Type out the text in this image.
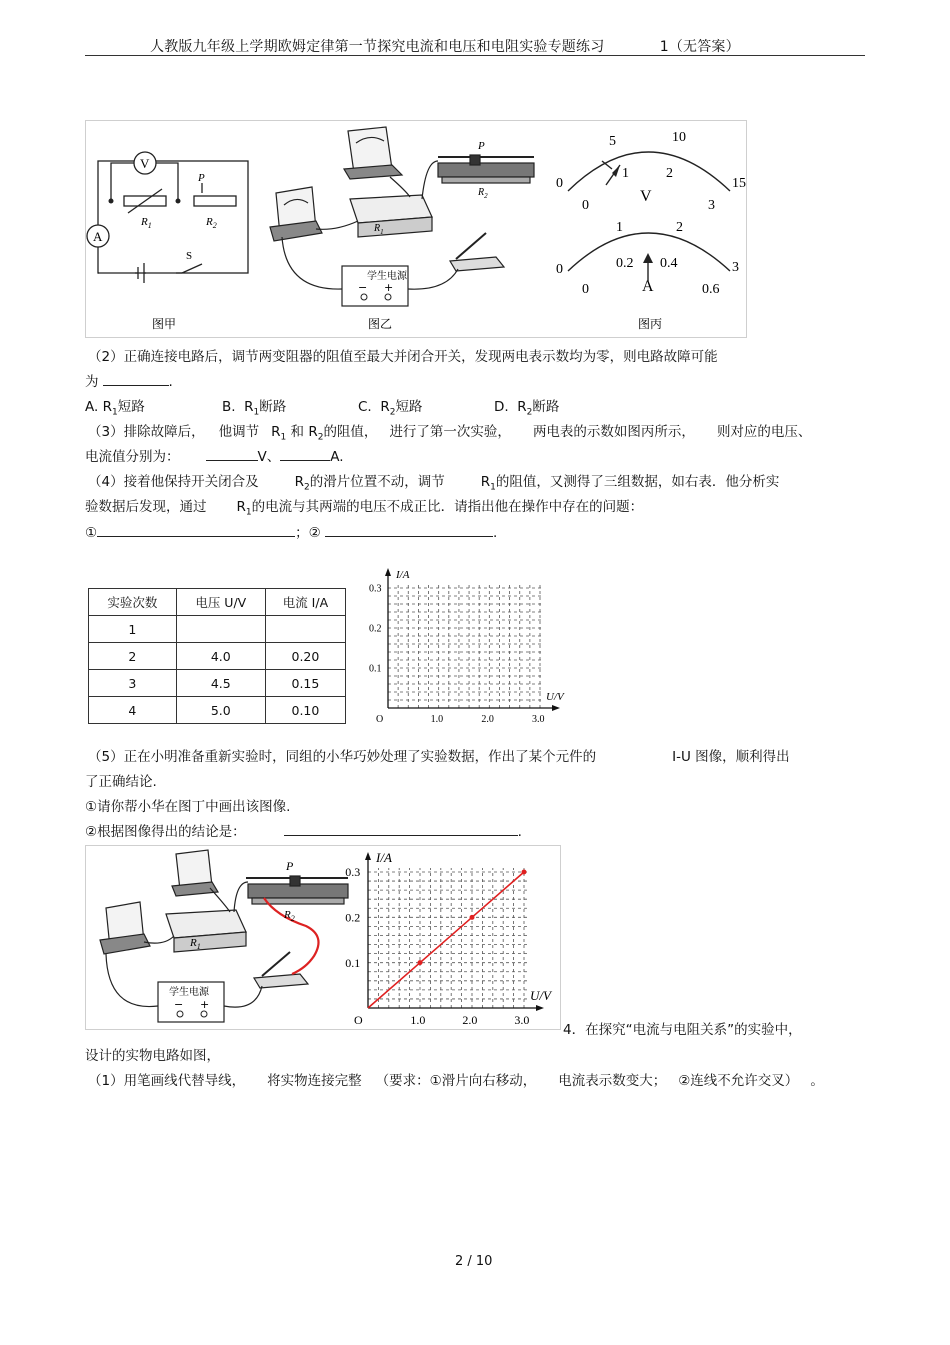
人教版九年级上学期欧姆定律第一节探究电流和电压和电阻实验专题练习	1（无答案）
V
A
$R_1$	$R_2$
P
S
学生电源
− +
P
$R_2$
$R_1$
0
5	10
15
0
1	2
3
V
0
1	2
3
0
0.2 0.4
0.6
A
图甲	图乙	图丙
（2）正确连接电路后，调节两变阻器的阻值至最大并闭合开关，发现两电表示数均为零，则电路故障可能
为	.
A. $R_1$短路	B. $R_1$断路	C. $R_2$短路	D. $R_2$断路
（3）排除故障后， 他调节 $R_1$ 和 $R_2$的阻值， 进行了第一次实验， 两电表的示数如图丙所示， 则对应的电压、
电流值分别为：	V、	A.
（4）接着他保持开关闭合及	$R_2$的滑片位置不动，调节	$R_1$的阻值，又测得了三组数据，如右表．他分析实
验数据后发现，通过 $R_1$的电流与其两端的电压不成正比．请指出他在操作中存在的问题：
①	；②	.
实验次数	电压 U/V	电流 I/A
1		
2	4.0	0.20
3	4.5	0.15
4	5.0	0.10
1.0	2.0	3.0
0.1
0.2
0.3
O
U/V
I/A
（5）正在小明准备重新实验时，同组的小华巧妙处理了实验数据，作出了某个元件的	I-U 图像，顺利得出
了正确结论.
①请你帮小华在图丁中画出该图像.
②根据图像得出的结论是：	.
学生电源
− +
P
$R_2$
$R_1$
1.0	2.0	3.0
0.1
0.2
0.3
O
U/V
I/A
4．在探究“电流与电阻关系”的实验中，
设计的实物电路如图，
（1）用笔画线代替导线， 将实物连接完整 （要求：①滑片向右移动， 电流表示数变大； ②连线不允许交叉） 。
2 / 10
